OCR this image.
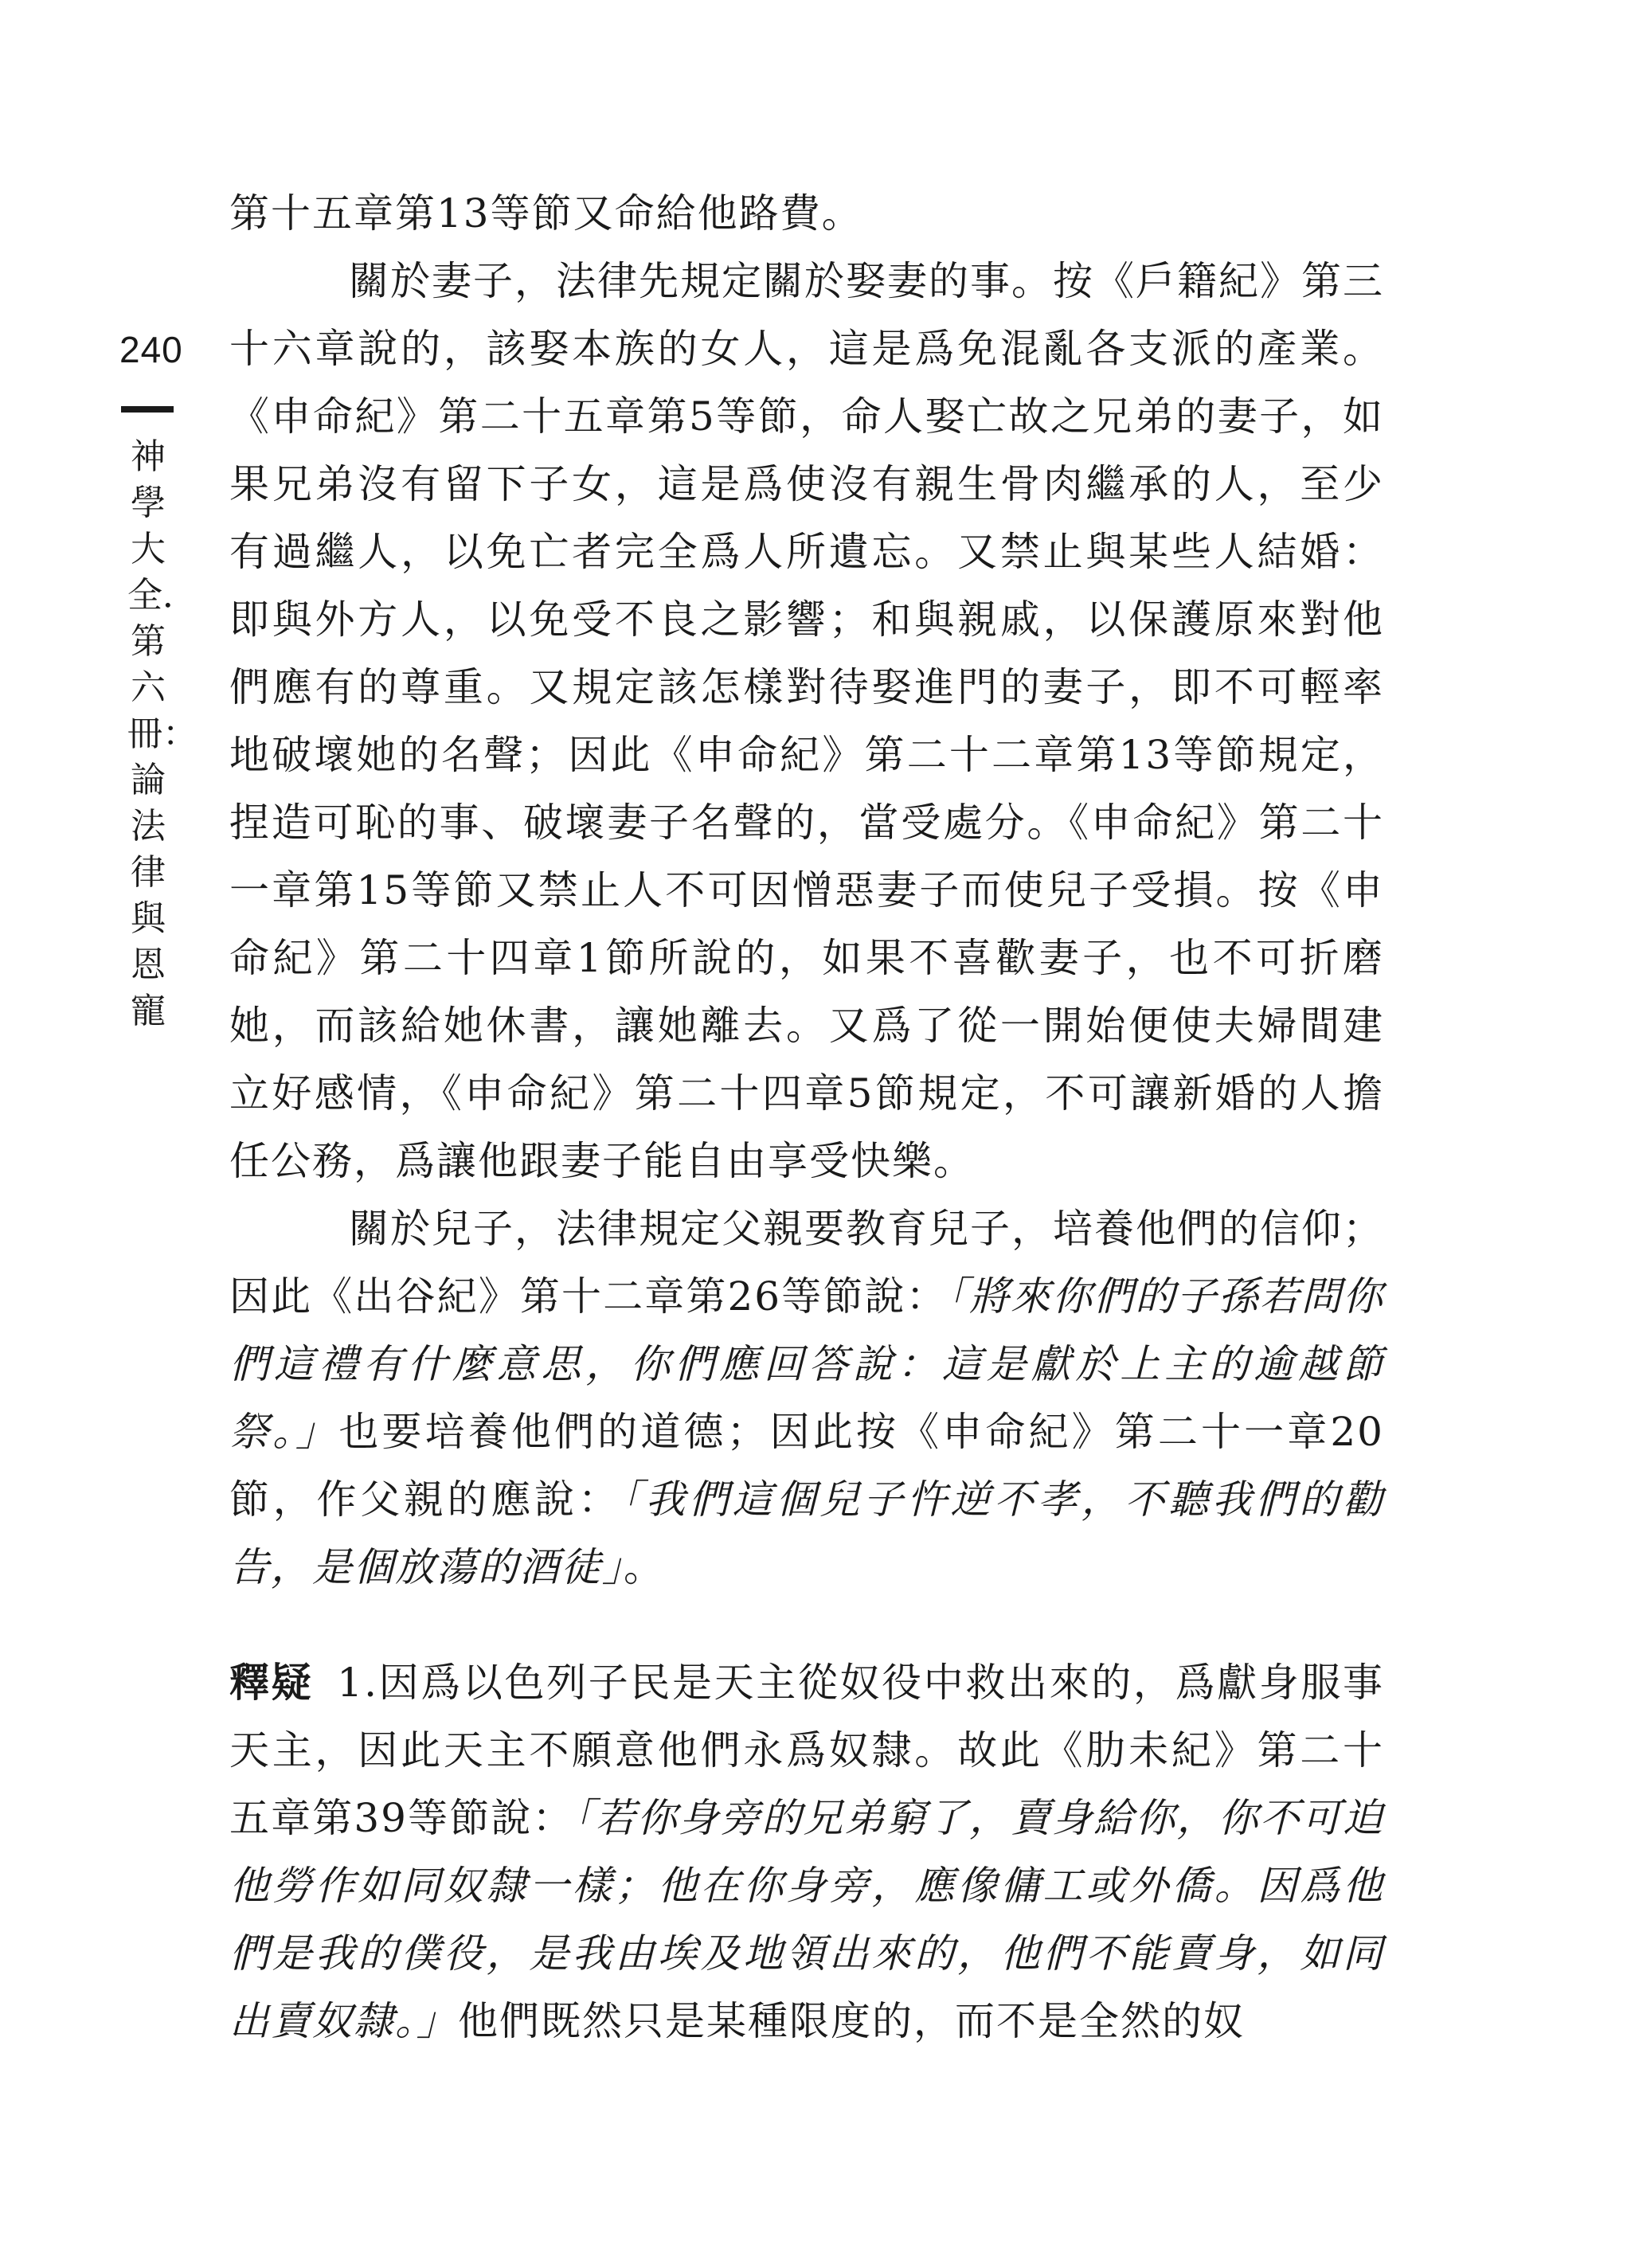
240
神學大全．第六冊：論法律與恩寵

第十五章第13等節又命給他路費。

關於妻子，法律先規定關於娶妻的事。按《戶籍紀》第三十六章說的，該娶本族的女人，這是爲免混亂各支派的產業。《申命紀》第二十五章第5等節，命人娶亡故之兄弟的妻子，如果兄弟沒有留下子女，這是爲使沒有親生骨肉繼承的人，至少有過繼人，以免亡者完全爲人所遺忘。又禁止與某些人結婚：即與外方人，以免受不良之影響；和與親戚，以保護原來對他們應有的尊重。又規定該怎樣對待娶進門的妻子，即不可輕率地破壞她的名聲；因此《申命紀》第二十二章第13等節規定，捏造可恥的事、破壞妻子名聲的，當受處分。《申命紀》第二十一章第15等節又禁止人不可因憎惡妻子而使兒子受損。按《申命紀》第二十四章1節所說的，如果不喜歡妻子，也不可折磨她，而該給她休書，讓她離去。又爲了從一開始便使夫婦間建立好感情，《申命紀》第二十四章5節規定，不可讓新婚的人擔任公務，爲讓他跟妻子能自由享受快樂。

關於兒子，法律規定父親要教育兒子，培養他們的信仰；因此《出谷紀》第十二章第26等節說：「將來你們的子孫若問你們這禮有什麼意思，你們應回答說：這是獻於上主的逾越節祭。」也要培養他們的道德；因此按《申命紀》第二十一章20節，作父親的應說：「我們這個兒子忤逆不孝，不聽我們的勸告，是個放蕩的酒徒」。

釋疑 1.因爲以色列子民是天主從奴役中救出來的，爲獻身服事天主，因此天主不願意他們永爲奴隸。故此《肋未紀》第二十五章第39等節說：「若你身旁的兄弟窮了，賣身給你，你不可迫他勞作如同奴隸一樣；他在你身旁，應像傭工或外僑。因爲他們是我的僕役，是我由埃及地領出來的，他們不能賣身，如同出賣奴隸。」他們既然只是某種限度的，而不是全然的奴
